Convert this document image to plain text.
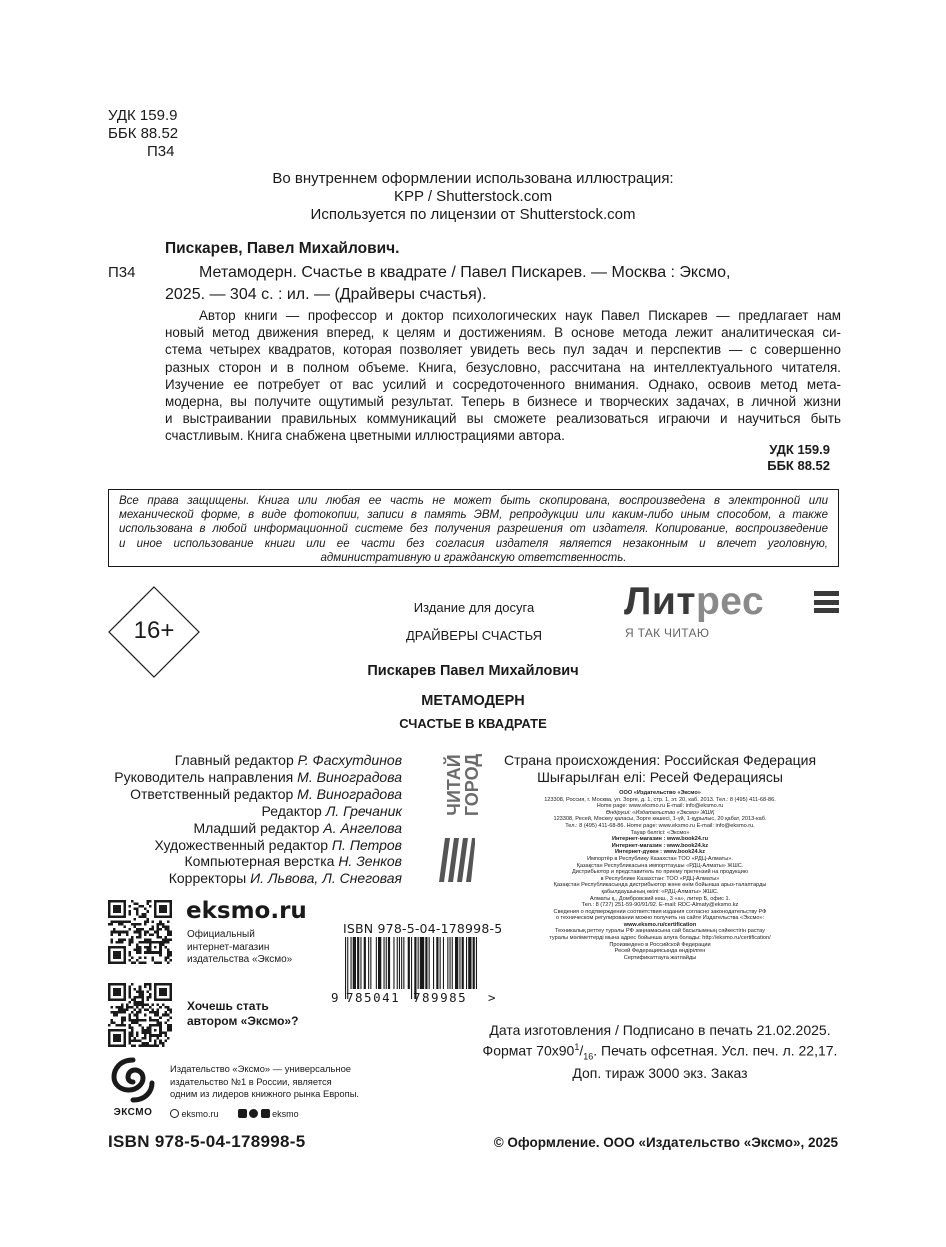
УДК 159.9
ББК 88.52
П34
Во внутреннем оформлении использована иллюстрация:
KPP / Shutterstock.com
Используется по лицензии от Shutterstock.com
П34
Пискарев, Павел Михайлович.
Метамодерн. Счастье в квадрате / Павел Пискарев. — Москва : Эксмо,
2025. — 304 с. : ил. — (Драйверы счастья).
Автор книги — профессор и доктор психологических наук Павел Пискарев — предлагает нам
новый метод движения вперед, к целям и достижениям. В основе метода лежит аналитическая си-
стема четырех квадратов, которая позволяет увидеть весь пул задач и перспектив — с совершенно
разных сторон и в полном объеме. Книга, безусловно, рассчитана на интеллектуального читателя.
Изучение ее потребует от вас усилий и сосредоточенного внимания. Однако, освоив метод мета-
модерна, вы получите ощутимый результат. Теперь в бизнесе и творческих задачах, в личной жизни
и выстраивании правильных коммуникаций вы сможете реализоваться играючи и научиться быть
счастливым. Книга снабжена цветными иллюстрациями автора.
УДК 159.9
ББК 88.52
Все права защищены. Книга или любая ее часть не может быть скопирована, воспроизведена в электронной или
механической форме, в виде фотокопии, записи в память ЭВМ, репродукции или каким-либо иным способом, а также
использована в любой информационной системе без получения разрешения от издателя. Копирование, воспроизведение
и иное использование книги или ее части без согласия издателя является незаконным и влечет уголовную,
административную и гражданскую ответственность.
16+
Издание для досуга
ДРАЙВЕРЫ СЧАСТЬЯ
Пискарев Павел Михайлович
МЕТАМОДЕРН
СЧАСТЬЕ В КВАДРАТЕ
Литрес
Я ТАК ЧИТАЮ
Главный редактор Р. Фасхутдинов
Руководитель направления М. Виноградова
Ответственный редактор М. Виноградова
Редактор Л. Гречаник
Младший редактор А. Ангелова
Художественный редактор П. Петров
Компьютерная верстка Н. Зенков
Корректоры И. Львова, Л. Снеговая
ЧИТАЙ
ГОРОД	Страна происхождения: Российская Федерация
Шығарылған елі: Ресей Федерациясы
ООО «Издательство «Эксмо»
123308, Россия, г. Москва, ул. Зорге, д. 1, стр. 1, эт. 20, каб. 2013. Тел.: 8 (495) 411-68-86.
Home page: www.eksmo.ru E-mail: info@eksmo.ru
Өндіруші: «Издательство «Эксмо» ЖШҚ
123308, Ресей, Мәскеу қаласы, Зорге көшесі, 1-үй, 1-құрылыс, 20 қабат, 2013-каб.
Тел.: 8 (495) 411-68-86. Home page: www.eksmo.ru E-mail: info@eksmo.ru.
Тауар белгісі: «Эксмо»
Интернет-магазин : www.book24.ru
Интернет-магазин : www.book24.kz
Интернет-дүкен : www.book24.kz
Импортёр в Республику Казахстан ТОО «РДЦ-Алматы».
Қазақстан Республикасына импорттаушы «РДЦ-Алматы» ЖШС.
Дистрибьютор и представитель по приему претензий на продукцию
в Республике Казахстан: ТОО «РДЦ-Алматы»
Қазақстан Республикасында дистрибьютор және өнім бойынша арыз-талаптарды
қабылдаушының өкілі: «РДЦ-Алматы» ЖШС.
Алматы қ., Домбровский көш., 3 «а», литер Б, офис 1.
Тел.: 8 (727) 251-59-90/91/92. E-mail: RDC-Almaty@eksmo.kz
Сведения о подтверждении соответствия издания согласно законодательству РФ
о техническом регулировании можно получить на сайте Издательства «Эксмо»:
www.eksmo.ru/certification
Техникалық реттеу туралы РФ заңнамасына сай басылымның сәйкестігін растау
туралы мәліметтерді мына адрес бойынша алуға болады: http://eksmo.ru/certification/
Произведено в Российской Федерации
Ресей Федерациясында өндірілген
Сертификаттауға жатпайды
eksmo.ru
Официальный
интернет-магазин
издательства «Эксмо»
Хочешь стать
автором «Эксмо»?
ЭКСМО
Издательство «Эксмо» — универсальное
издательство №1 в России, является
одним из лидеров книжного рынка Европы.
eksmo.ru	eksmo
ISBN 978-5-04-178998-5
9 785041 789985 >
Дата изготовления / Подписано в печать 21.02.2025.
Формат $70x90^1/_{16}$. Печать офсетная. Усл. печ. л. 22,17.
Доп. тираж 3000 экз. Заказ
ISBN 978-5-04-178998-5	© Оформление. ООО «Издательство «Эксмо», 2025
